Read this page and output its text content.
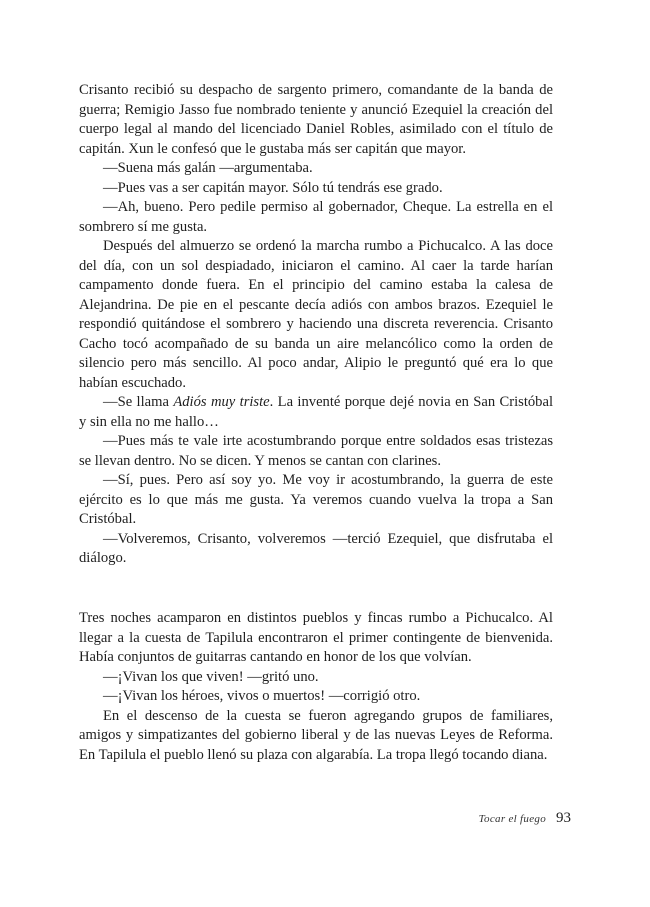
Crisanto recibió su despacho de sargento primero, comandante de la banda de guerra; Remigio Jasso fue nombrado teniente y anunció Ezequiel la creación del cuerpo legal al mando del licenciado Daniel Robles, asimilado con el título de capitán. Xun le confesó que le gustaba más ser capitán que mayor.

—Suena más galán —argumentaba.

—Pues vas a ser capitán mayor. Sólo tú tendrás ese grado.

—Ah, bueno. Pero pedile permiso al gobernador, Cheque. La estrella en el sombrero sí me gusta.

Después del almuerzo se ordenó la marcha rumbo a Pichucalco. A las doce del día, con un sol despiadado, iniciaron el camino. Al caer la tarde harían campamento donde fuera. En el principio del camino estaba la calesa de Alejandrina. De pie en el pescante decía adiós con ambos brazos. Ezequiel le respondió quitándose el sombrero y haciendo una discreta reverencia. Crisanto Cacho tocó acompañado de su banda un aire melancólico como la orden de silencio pero más sencillo. Al poco andar, Alipio le preguntó qué era lo que habían escuchado.

—Se llama Adiós muy triste. La inventé porque dejé novia en San Cristóbal y sin ella no me hallo…

—Pues más te vale irte acostumbrando porque entre soldados esas tristezas se llevan dentro. No se dicen. Y menos se cantan con clarines.

—Sí, pues. Pero así soy yo. Me voy ir acostumbrando, la guerra de este ejército es lo que más me gusta. Ya veremos cuando vuelva la tropa a San Cristóbal.

—Volveremos, Crisanto, volveremos —terció Ezequiel, que disfrutaba el diálogo.

Tres noches acamparon en distintos pueblos y fincas rumbo a Pichucalco. Al llegar a la cuesta de Tapilula encontraron el primer contingente de bienvenida. Había conjuntos de guitarras cantando en honor de los que volvían.

—¡Vivan los que viven! —gritó uno.

—¡Vivan los héroes, vivos o muertos! —corrigió otro.

En el descenso de la cuesta se fueron agregando grupos de familiares, amigos y simpatizantes del gobierno liberal y de las nuevas Leyes de Reforma. En Tapilula el pueblo llenó su plaza con algarabía. La tropa llegó tocando diana.

Tocar el fuego 93
